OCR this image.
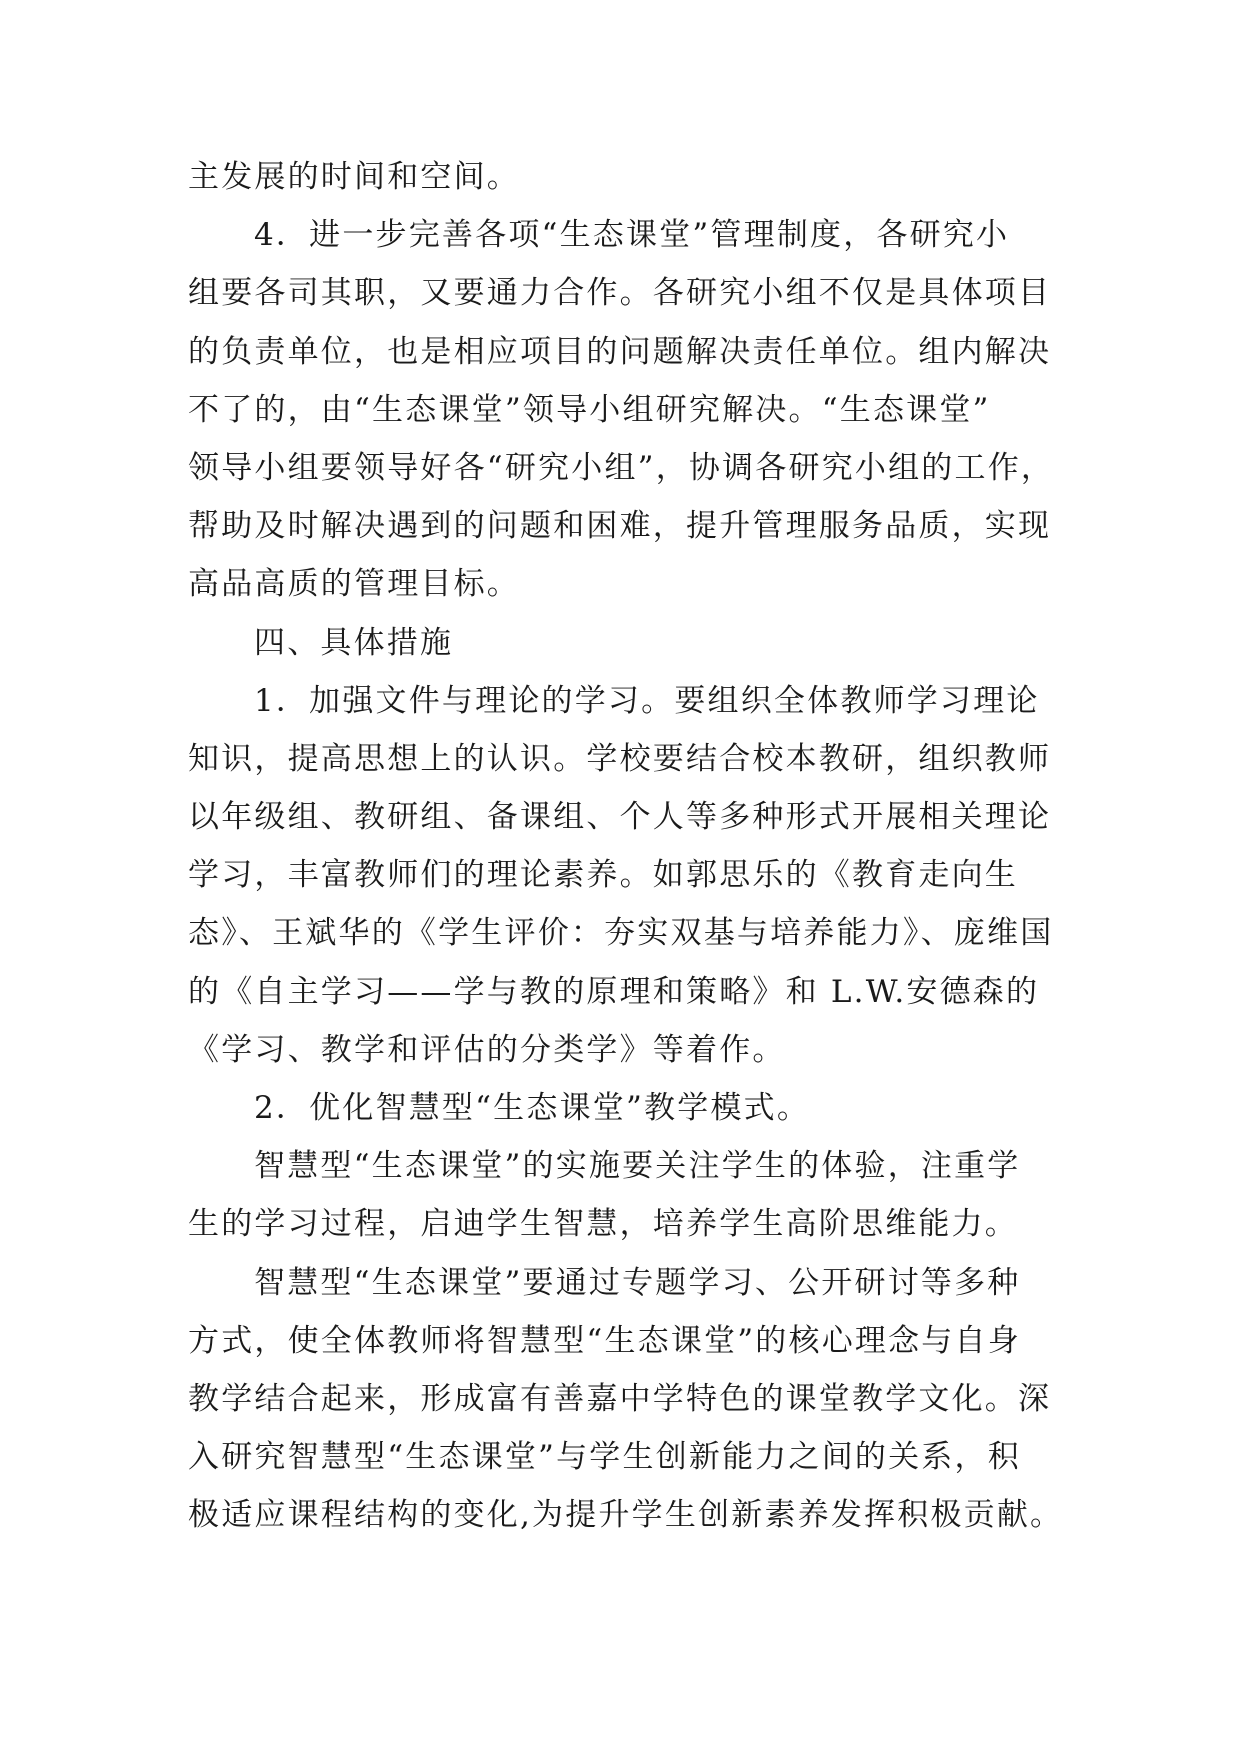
主发展的时间和空间。
4．进一步完善各项“生态课堂”管理制度，各研究小
组要各司其职，又要通力合作。各研究小组不仅是具体项目
的负责单位，也是相应项目的问题解决责任单位。组内解决
不了的，由“生态课堂”领导小组研究解决。“生态课堂”
领导小组要领导好各“研究小组”，协调各研究小组的工作，
帮助及时解决遇到的问题和困难，提升管理服务品质，实现
高品高质的管理目标。
四、具体措施
1．加强文件与理论的学习。要组织全体教师学习理论
知识，提高思想上的认识。学校要结合校本教研，组织教师
以年级组、教研组、备课组、个人等多种形式开展相关理论
学习，丰富教师们的理论素养。如郭思乐的《教育走向生
态》、王斌华的《学生评价：夯实双基与培养能力》、庞维国
的《自主学习——学与教的原理和策略》和 L.W.安德森的
《学习、教学和评估的分类学》等着作。
2．优化智慧型“生态课堂”教学模式。
智慧型“生态课堂”的实施要关注学生的体验，注重学
生的学习过程，启迪学生智慧，培养学生高阶思维能力。
智慧型“生态课堂”要通过专题学习、公开研讨等多种
方式，使全体教师将智慧型“生态课堂”的核心理念与自身
教学结合起来，形成富有善嘉中学特色的课堂教学文化。深
入研究智慧型“生态课堂”与学生创新能力之间的关系，积
极适应课程结构的变化,为提升学生创新素养发挥积极贡献。
